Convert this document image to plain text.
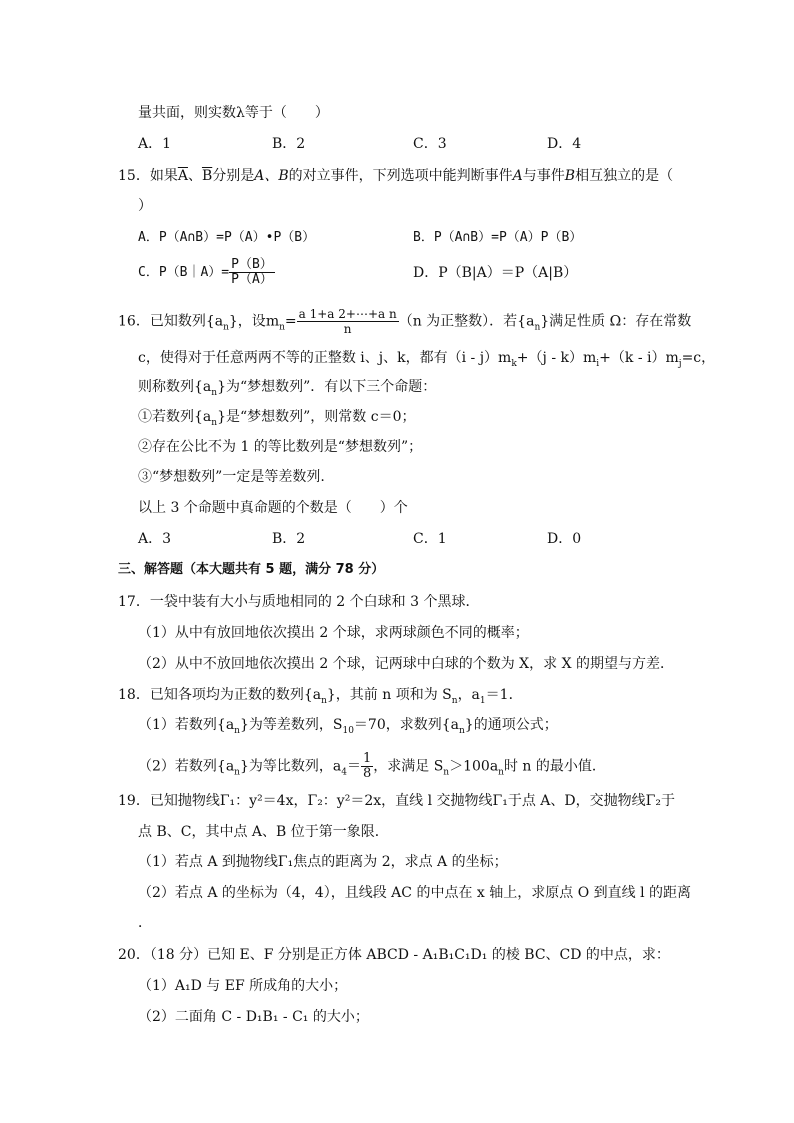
量共面，则实数λ等于（　　）
A．1	B．2	C．3	D．4
15．如果$\overline{A}$、$\overline{B}$分别是A、B的对立事件，下列选项中能判断事件A与事件B相互独立的是（
）
A．P（A∩B）=P（A）•P（B）	B．P（A∩B）=P（A）P（B）
C．P（B｜A）= $\frac{P(B)}{P(A)}$	D．P（B|A）＝P（A|B）
16．已知数列$\{a_n\}$，设$m_n= \frac{\text{a 1+a 2+⋯+a n}}{n} (n$ 为正整数）．若$\{a_n\}$满足性质 Ω：存在常数
c，使得对于任意两两不等的正整数 i、j、k，都有$(i - j)m_k+(j - k)m_i+(k - i)m_j=c$，
则称数列$\{a_n\}$为“梦想数列”．有以下三个命题：
①若数列$\{a_n\}$是“梦想数列”，则常数 c＝0；
②存在公比不为 1 的等比数列是“梦想数列”；
③“梦想数列”一定是等差数列.
以上 3 个命题中真命题的个数是（　　）个
A．3	B．2	C．1	D．0
三、解答题（本大题共有 5 题，满分 78 分）
17．一袋中装有大小与质地相同的 2 个白球和 3 个黑球．
（1）从中有放回地依次摸出 2 个球，求两球颜色不同的概率；
（2）从中不放回地依次摸出 2 个球，记两球中白球的个数为 X，求 X 的期望与方差．
18．已知各项均为正数的数列$\{a_n\}$，其前 n 项和为 $S_n$，$a_1=1$．
（1）若数列$\{a_n\}$为等差数列，$S_{10}=70$，求数列$\{a_n\}$的通项公式；
（2）若数列$\{a_n\}$为等比数列，$a_4= \frac{1}{8}$ ，求满足 $S_n>100a_n$时 n 的最小值．
19．已知抛物线Γ₁：y²＝4x，Γ₂：y²＝2x，直线 l 交抛物线Γ₁于点 A、D，交抛物线Γ₂于
点 B、C，其中点 A、B 位于第一象限．
（1）若点 A 到抛物线Γ₁焦点的距离为 2，求点 A 的坐标；
（2）若点 A 的坐标为（4，4），且线段 AC 的中点在 x 轴上，求原点 O 到直线 l 的距离
．
20．（18 分）已知 E、F 分别是正方体 ABCD - A₁B₁C₁D₁ 的棱 BC、CD 的中点，求：
（1）A₁D 与 EF 所成角的大小；
（2）二面角 C - D₁B₁ - C₁ 的大小；
